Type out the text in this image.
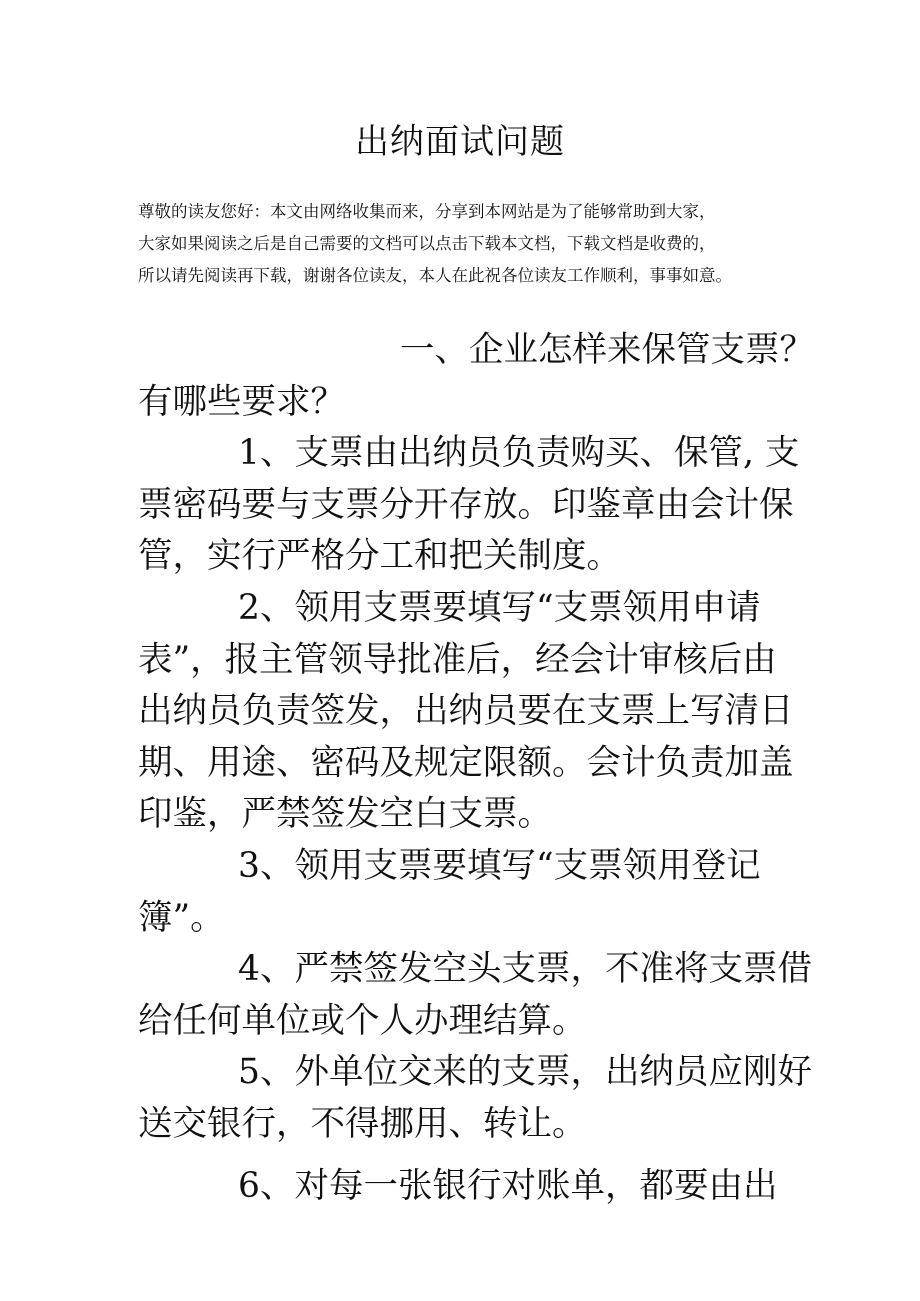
出纳面试问题
尊敬的读友您好：本文由网络收集而来，分享到本网站是为了能够常助到大家，
大家如果阅读之后是自己需要的文档可以点击下载本文档，下载文档是收费的，
所以请先阅读再下载，谢谢各位读友，本人在此祝各位读友工作顺利，事事如意。
一、企业怎样来保管支票？
有哪些要求？
1、支票由出纳员负责购买、保管, 支
票密码要与支票分开存放。印鉴章由会计保
管，实行严格分工和把关制度。
2、领用支票要填写“支票领用申请
表”，报主管领导批准后，经会计审核后由
出纳员负责签发，出纳员要在支票上写清日
期、用途、密码及规定限额。会计负责加盖
印鉴，严禁签发空白支票。
3、领用支票要填写“支票领用登记
簿”。
4、严禁签发空头支票，不准将支票借
给任何单位或个人办理结算。
5、外单位交来的支票，出纳员应刚好
送交银行，不得挪用、转让。
6、对每一张银行对账单，都要由出
